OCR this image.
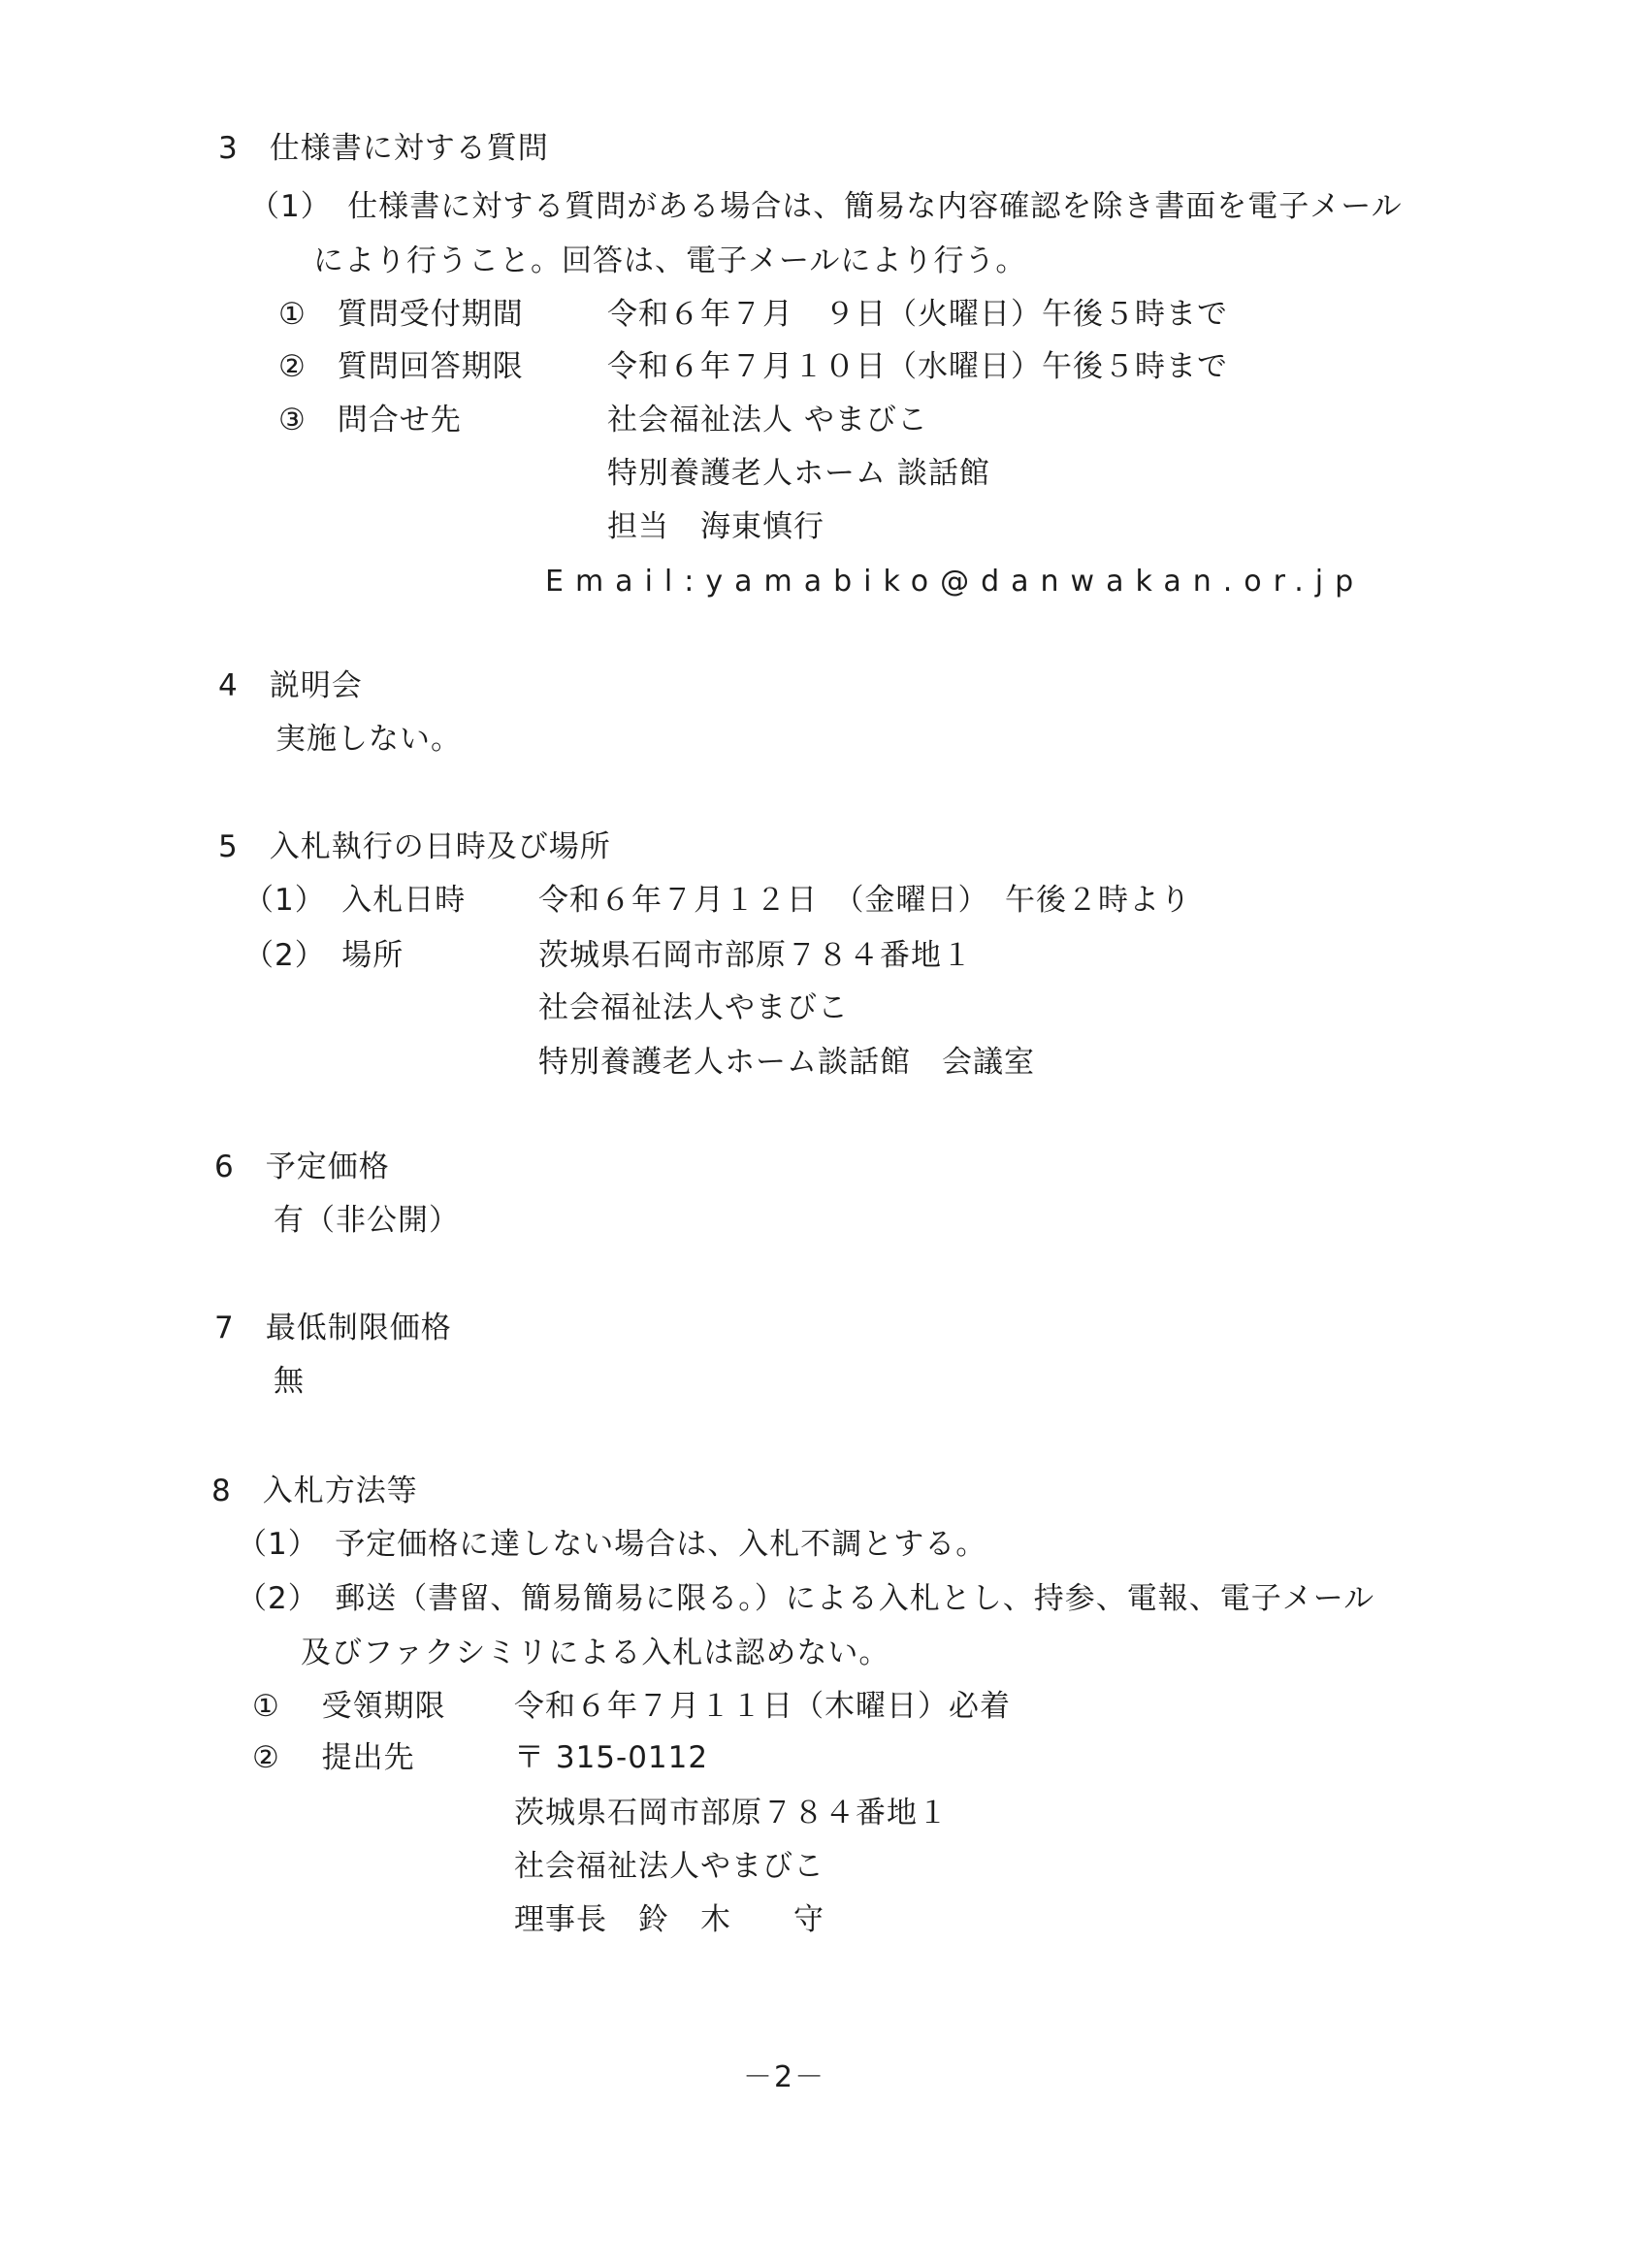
3　仕様書に対する質問
（1）　仕様書に対する質問がある場合は、簡易な内容確認を除き書面を電子メール
により行うこと。回答は、電子メールにより行う。
①　質問受付期間	令和６年７月　９日（火曜日）午後５時まで
②　質問回答期限	令和６年７月１０日（水曜日）午後５時まで
③　問合せ先	社会福祉法人 やまびこ
特別養護老人ホーム 談話館
担当　海東慎行
Email:yamabiko@danwakan.or.jp
4　説明会
実施しない。
5　入札執行の日時及び場所
（1）　入札日時 令和６年７月１２日　（金曜日）　午後２時より
（2）　場所	茨城県石岡市部原７８４番地１
社会福祉法人やまびこ
特別養護老人ホーム談話館　会議室
6　予定価格
有（非公開）
7　最低制限価格
無
8　入札方法等
（1）　予定価格に達しない場合は、入札不調とする。
（2）　郵送（書留、簡易簡易に限る。）による入札とし、持参、電報、電子メール
及びファクシミリによる入札は認めない。
①　 受領期限 令和６年７月１１日（木曜日）必着
②　 提出先	〒 315-0112
茨城県石岡市部原７８４番地１
社会福祉法人やまびこ
理事長　鈴　木　　守
－2－
